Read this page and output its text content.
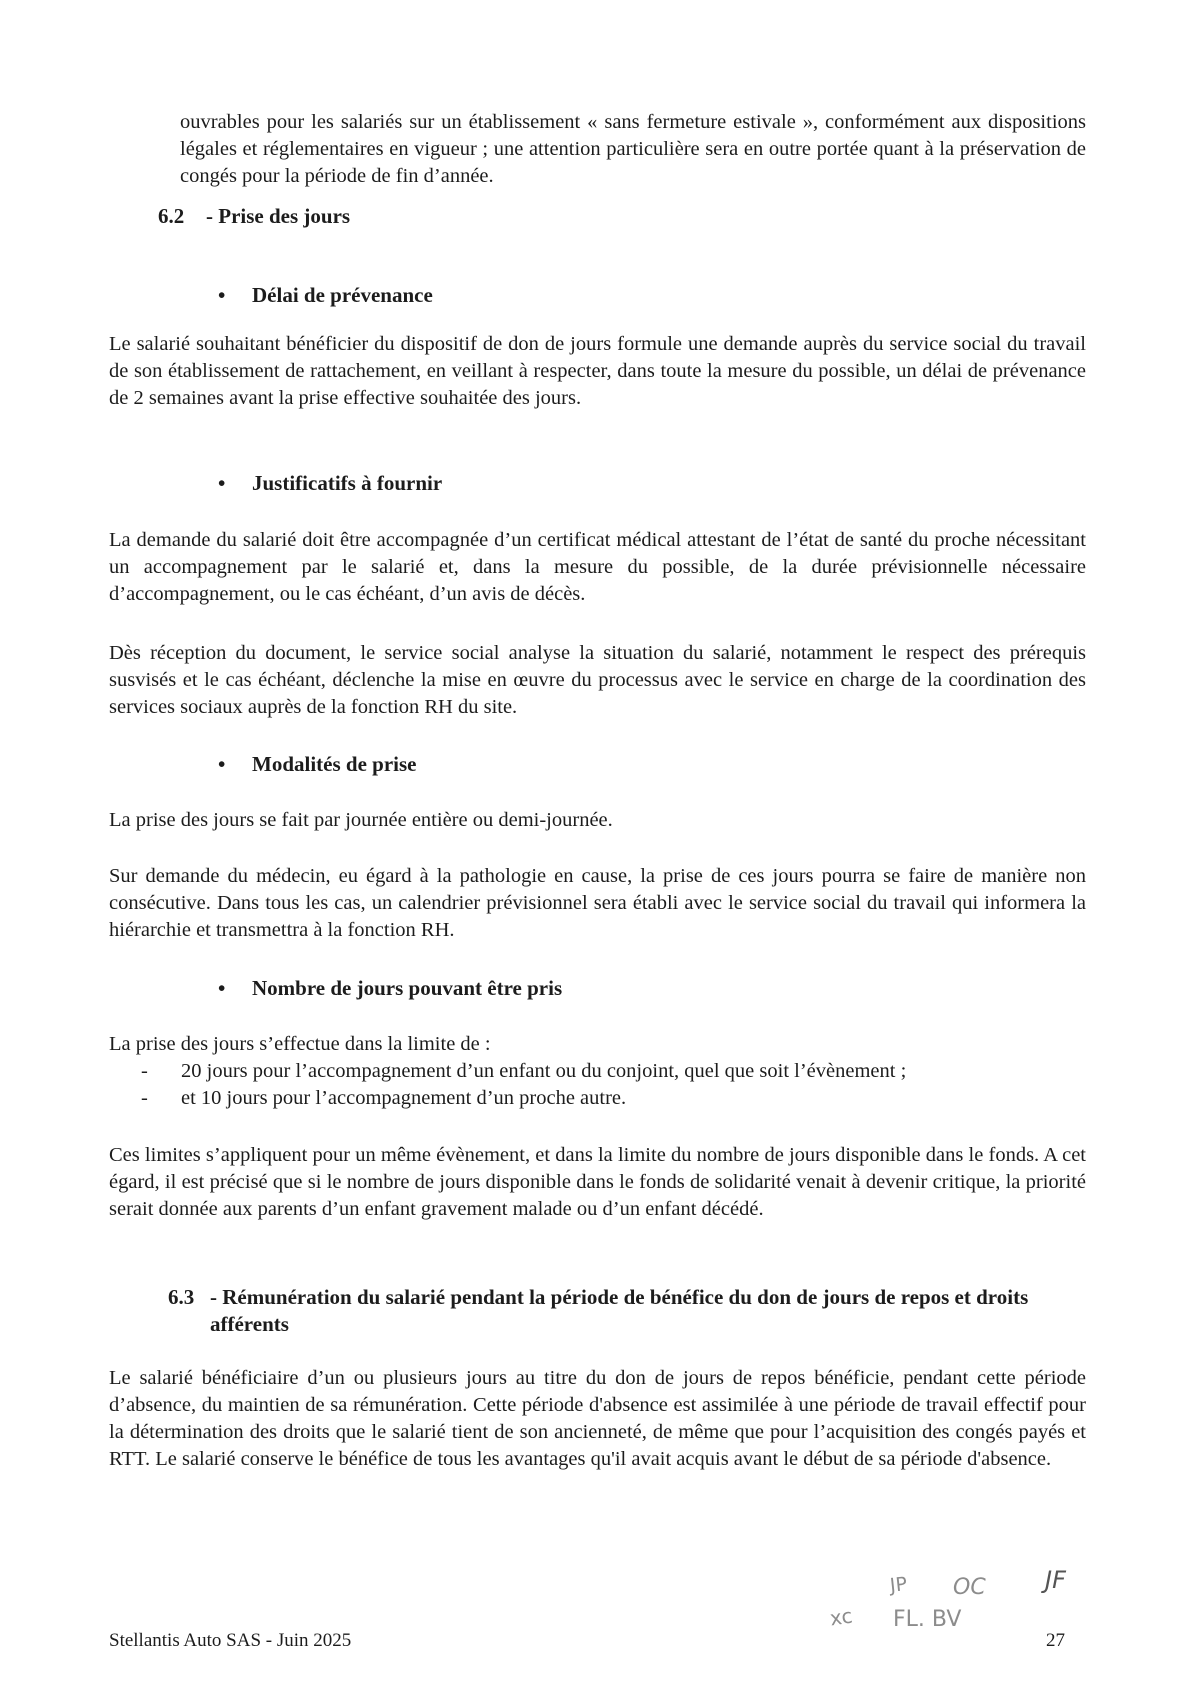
ouvrables pour les salariés sur un établissement « sans fermeture estivale », conformément aux dispositions légales et réglementaires en vigueur ; une attention particulière sera en outre portée quant à la préservation de congés pour la période de fin d’année.

6.2 - Prise des jours

• Délai de prévenance

Le salarié souhaitant bénéficier du dispositif de don de jours formule une demande auprès du service social du travail de son établissement de rattachement, en veillant à respecter, dans toute la mesure du possible, un délai de prévenance de 2 semaines avant la prise effective souhaitée des jours.

• Justificatifs à fournir

La demande du salarié doit être accompagnée d’un certificat médical attestant de l’état de santé du proche nécessitant un accompagnement par le salarié et, dans la mesure du possible, de la durée prévisionnelle nécessaire d’accompagnement, ou le cas échéant, d’un avis de décès.

Dès réception du document, le service social analyse la situation du salarié, notamment le respect des prérequis susvisés et le cas échéant, déclenche la mise en œuvre du processus avec le service en charge de la coordination des services sociaux auprès de la fonction RH du site.

• Modalités de prise

La prise des jours se fait par journée entière ou demi-journée.

Sur demande du médecin, eu égard à la pathologie en cause, la prise de ces jours pourra se faire de manière non consécutive. Dans tous les cas, un calendrier prévisionnel sera établi avec le service social du travail qui informera la hiérarchie et transmettra à la fonction RH.

• Nombre de jours pouvant être pris

La prise des jours s’effectue dans la limite de :

- 20 jours pour l’accompagnement d’un enfant ou du conjoint, quel que soit l’évènement ;

- et 10 jours pour l’accompagnement d’un proche autre.

Ces limites s’appliquent pour un même évènement, et dans la limite du nombre de jours disponible dans le fonds. A cet égard, il est précisé que si le nombre de jours disponible dans le fonds de solidarité venait à devenir critique, la priorité serait donnée aux parents d’un enfant gravement malade ou d’un enfant décédé.

6.3 - Rémunération du salarié pendant la période de bénéfice du don de jours de repos et droits afférents

Le salarié bénéficiaire d’un ou plusieurs jours au titre du don de jours de repos bénéficie, pendant cette période d’absence, du maintien de sa rémunération. Cette période d'absence est assimilée à une période de travail effectif pour la détermination des droits que le salarié tient de son ancienneté, de même que pour l’acquisition des congés payés et RTT. Le salarié conserve le bénéfice de tous les avantages qu'il avait acquis avant le début de sa période d'absence.

Stellantis Auto SAS - Juin 2025

xc

JP OC JF

FL. BV

27
